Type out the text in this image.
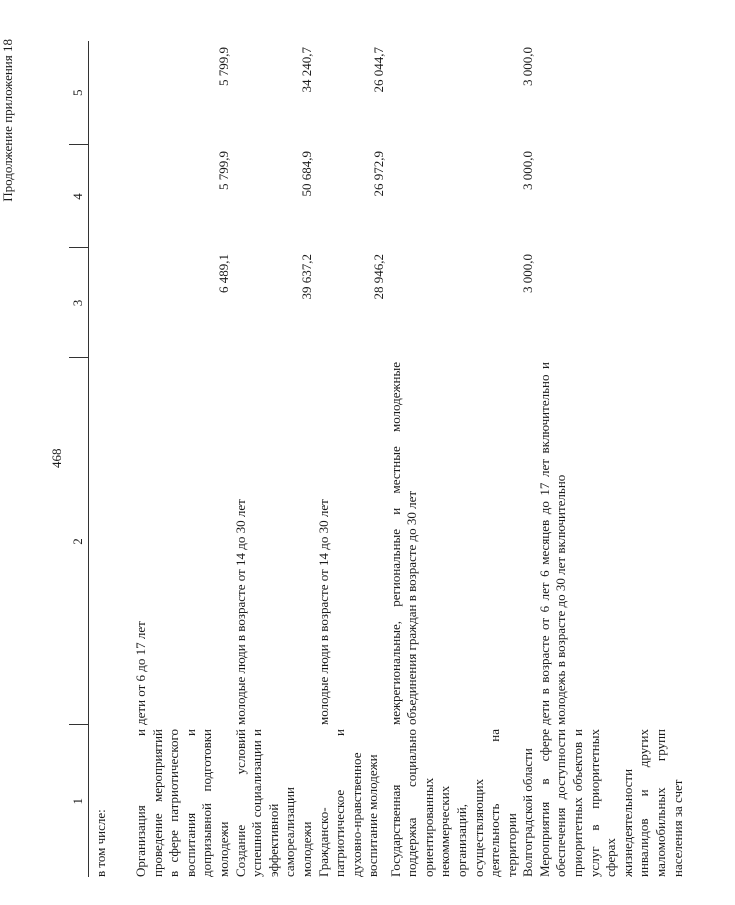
Продолжение приложения 18
468
1	2	3	4	5
в том числе:				
Организация и проведение мероприятий в сфере патриотического воспитания и допризывной подготовки молодежи	дети от 6 до 17 лет	6 489,1	5 799,9	5 799,9
Создание условий успешной социализации и эффективной самореализации молодежи	молодые люди в возрасте от 14 до 30 лет	39 637,2	50 684,9	34 240,7
Гражданско-патриотическое и духовно-нравственное воспитание молодежи	молодые люди в возрасте от 14 до 30 лет	28 946,2	26 972,9	26 044,7
Государственная поддержка социально ориентированных некоммерческих организаций, осуществляющих деятельность на территории Волгоградской области	межрегиональные, региональные и местные молодежные объединения граждан в возрасте до 30 лет	3 000,0	3 000,0	3 000,0
Мероприятия в сфере обеспечения доступности приоритетных объектов и услуг в приоритетных сферах жизнедеятельности инвалидов и других маломобильных групп населения за счет	дети в возрасте от 6 лет 6 месяцев до 17 лет включительно и молодежь в возрасте до 30 лет включительно			
